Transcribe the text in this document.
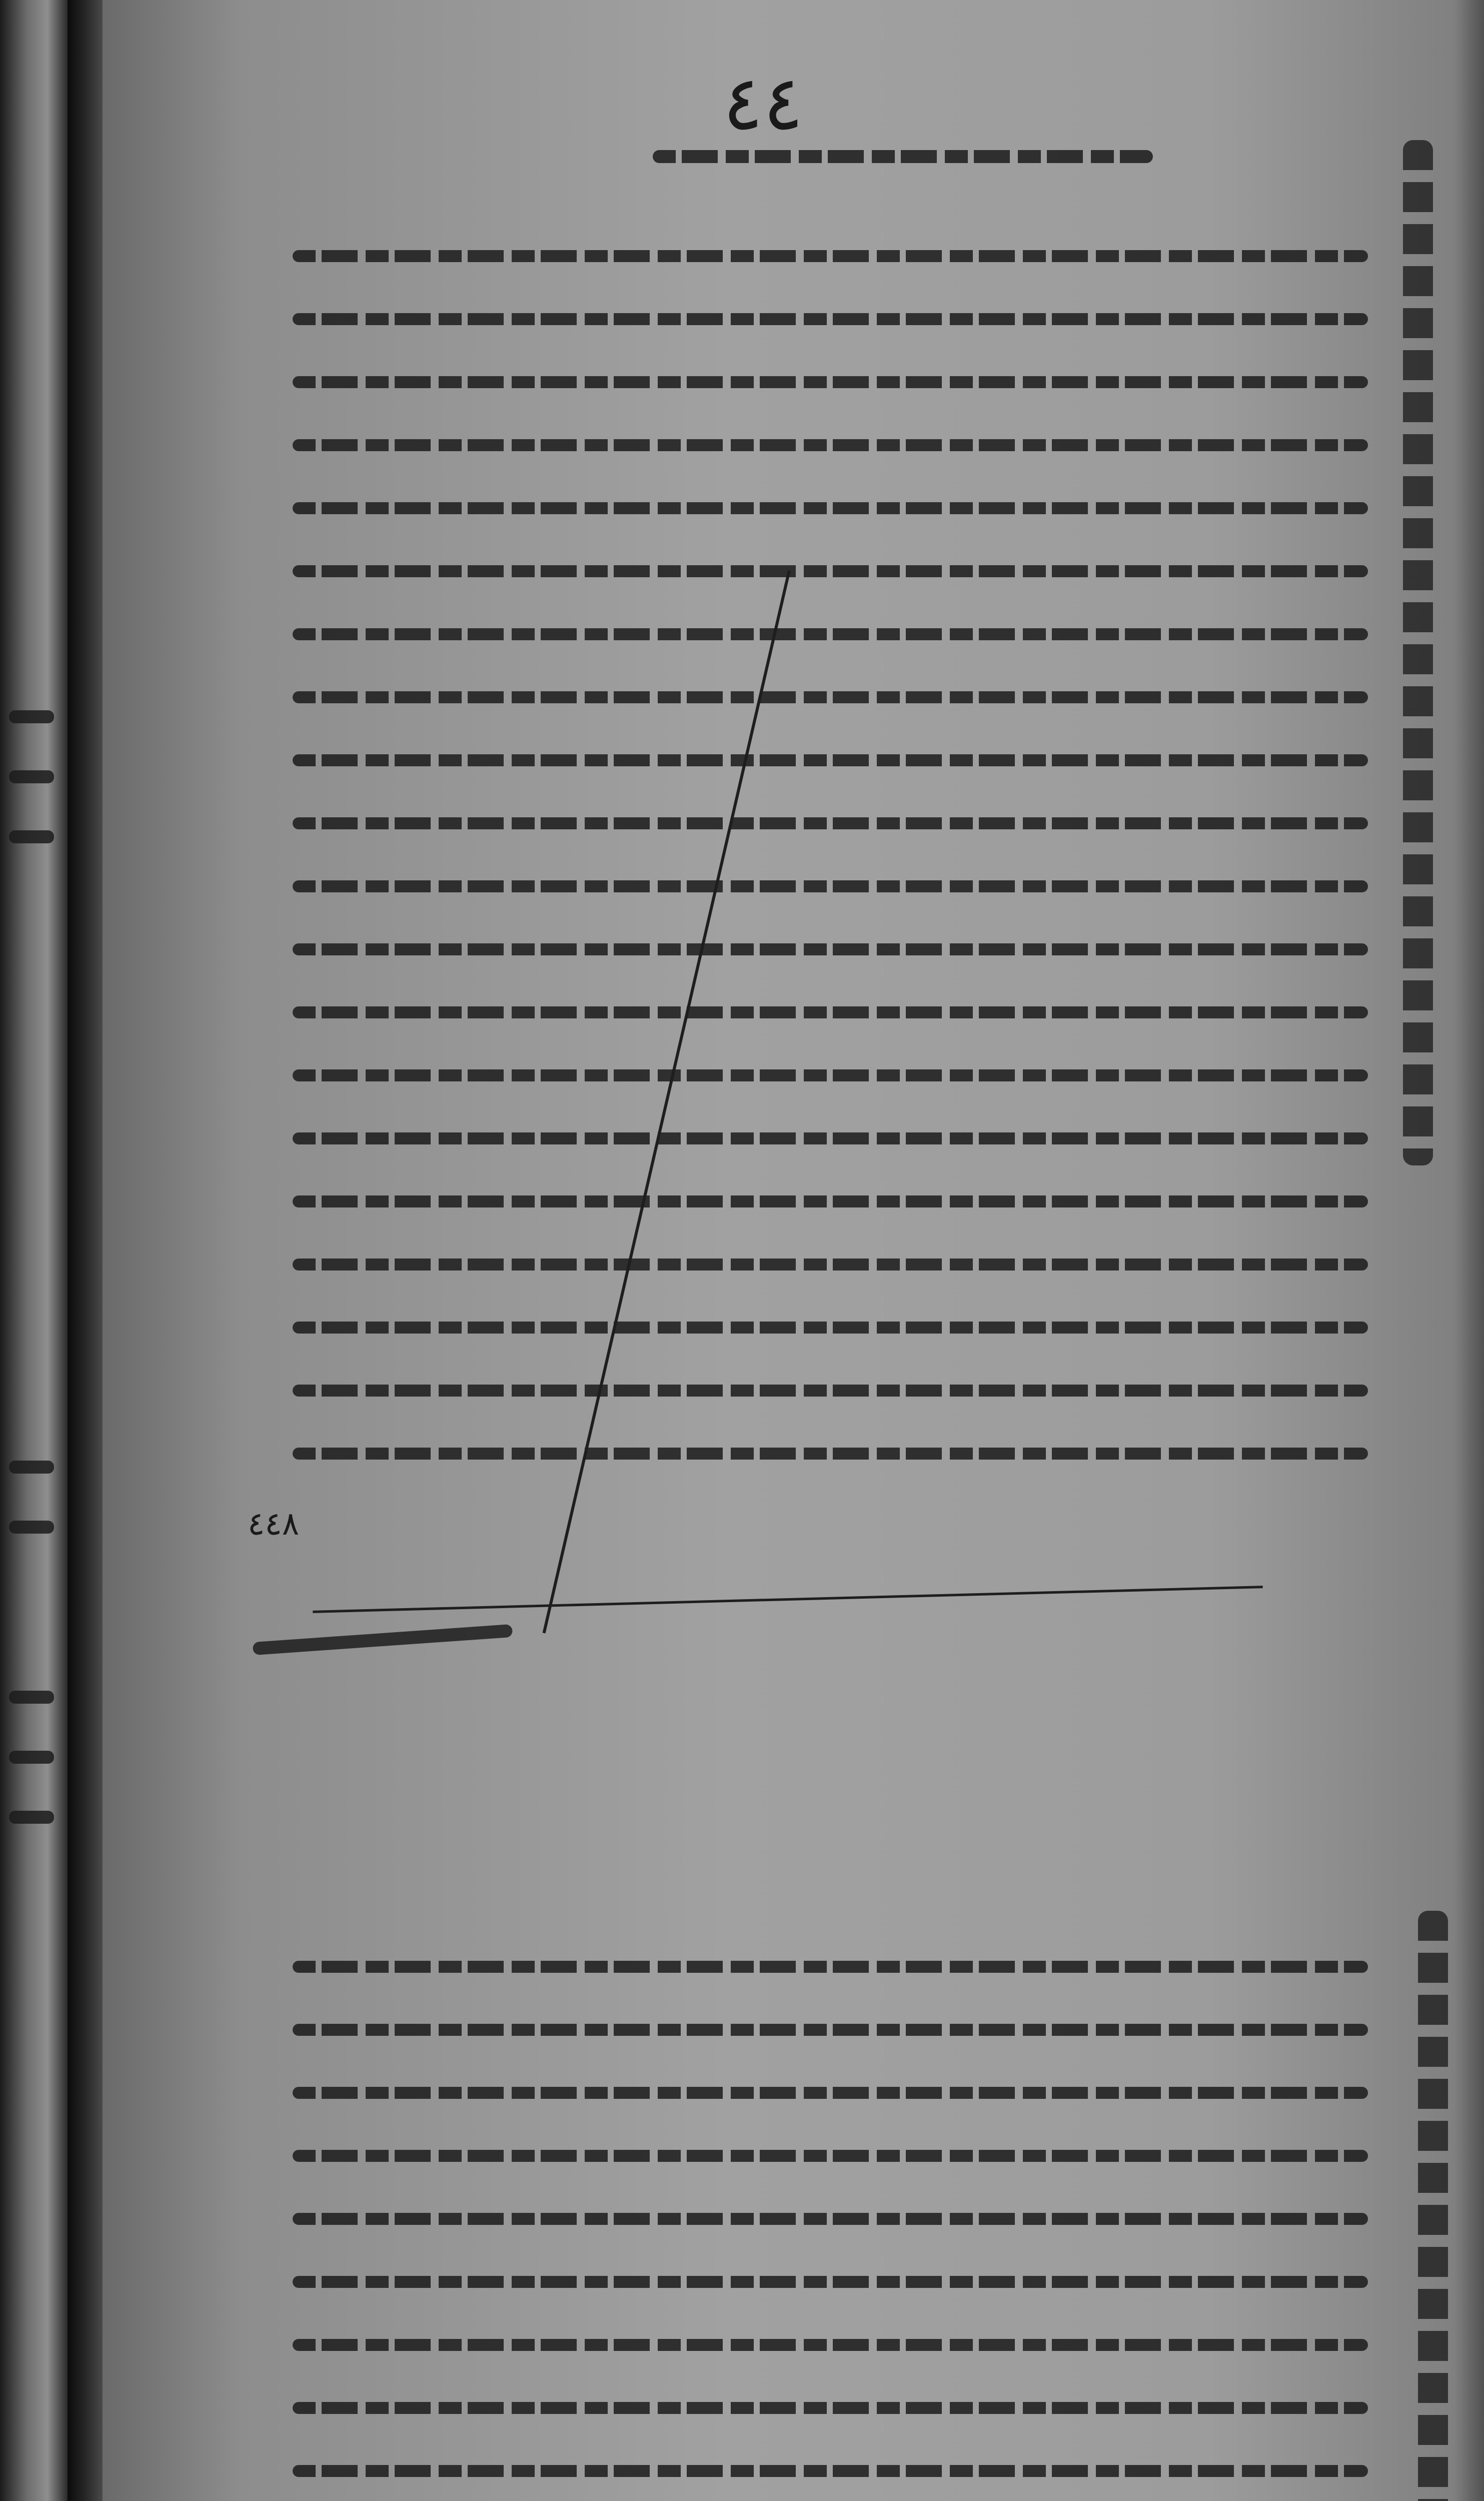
٤٤
٤٤٨
